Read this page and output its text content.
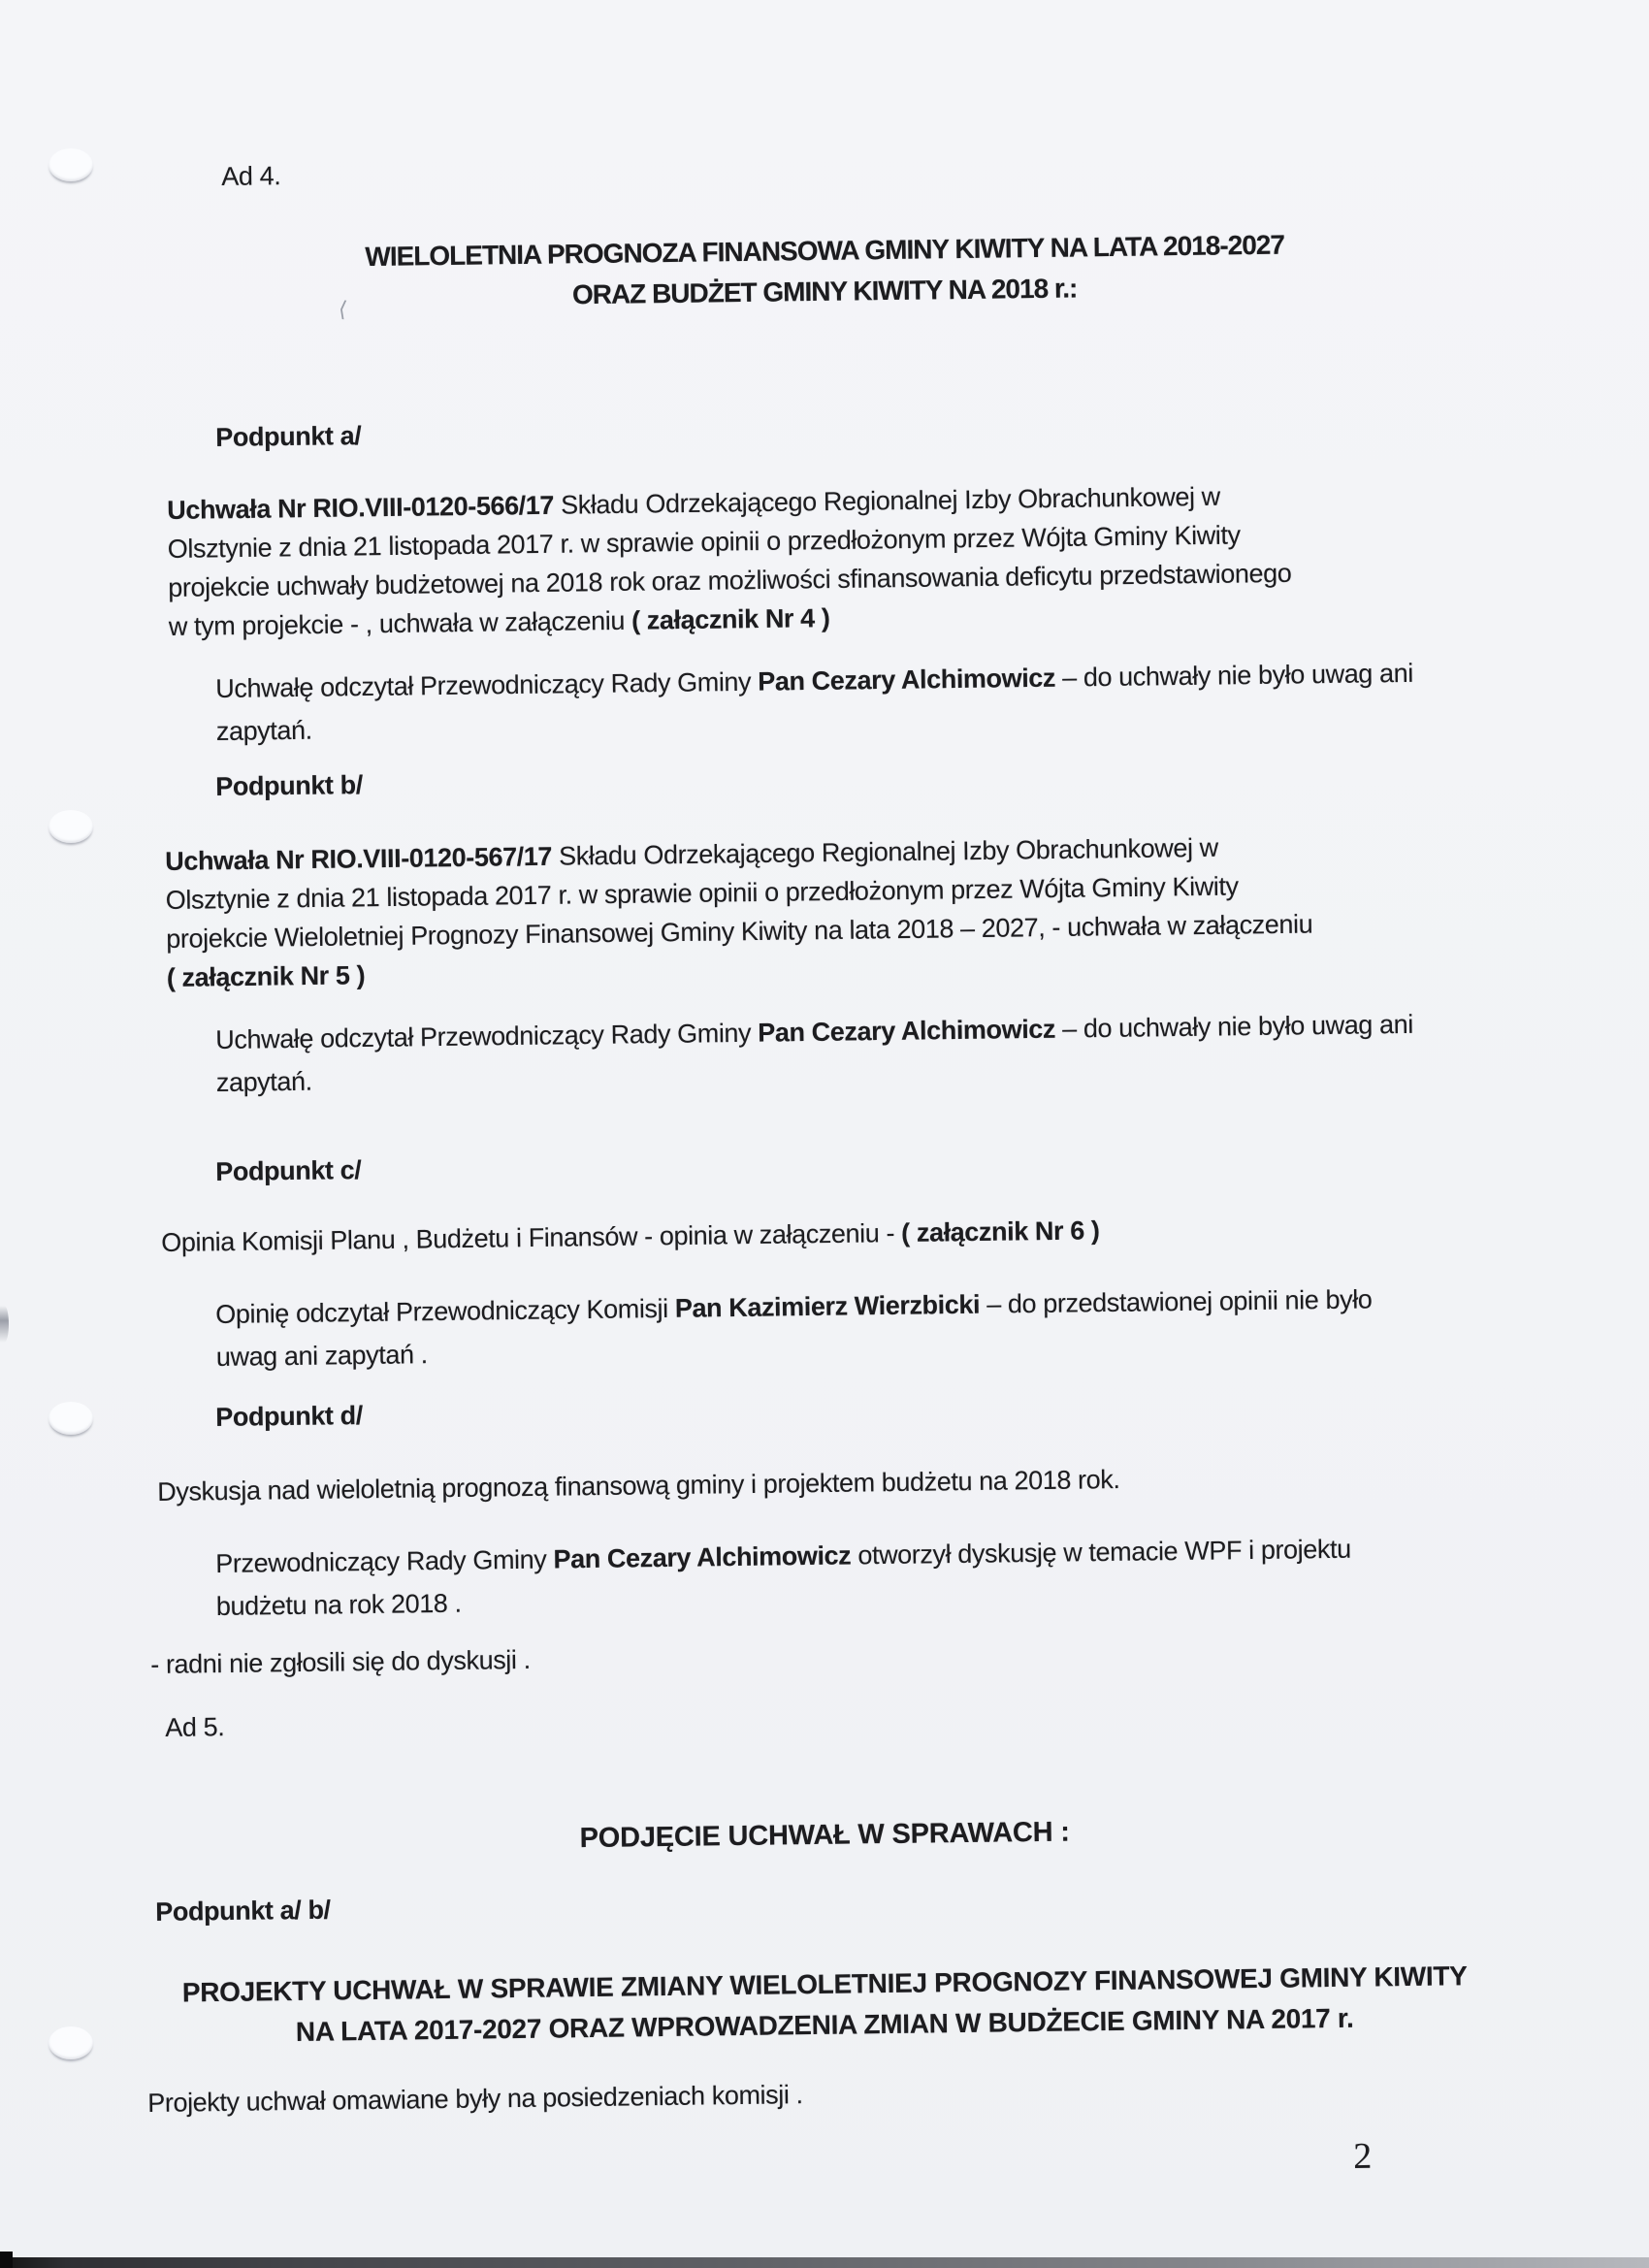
⟨
Ad 4.
WIELOLETNIA PROGNOZA FINANSOWA GMINY KIWITY NA LATA 2018-2027
ORAZ BUDŻET GMINY KIWITY NA 2018 r.:
Podpunkt a/
Uchwała Nr RIO.VIII-0120-566/17 Składu Odrzekającego Regionalnej Izby Obrachunkowej w
Olsztynie z dnia 21 listopada 2017 r. w sprawie opinii o przedłożonym przez Wójta Gminy Kiwity
projekcie uchwały budżetowej na 2018 rok oraz możliwości sfinansowania deficytu przedstawionego
w tym projekcie - , uchwała w załączeniu ( załącznik Nr 4 )
Uchwałę odczytał Przewodniczący Rady Gminy Pan Cezary Alchimowicz – do uchwały nie było uwag ani
zapytań.
Podpunkt b/
Uchwała Nr RIO.VIII-0120-567/17 Składu Odrzekającego Regionalnej Izby Obrachunkowej w
Olsztynie z dnia 21 listopada 2017 r. w sprawie opinii o przedłożonym przez Wójta Gminy Kiwity
projekcie Wieloletniej Prognozy Finansowej Gminy Kiwity na lata 2018 – 2027, - uchwała w załączeniu
( załącznik Nr 5 )
Uchwałę odczytał Przewodniczący Rady Gminy Pan Cezary Alchimowicz – do uchwały nie było uwag ani
zapytań.
Podpunkt c/
Opinia Komisji Planu , Budżetu i Finansów - opinia w załączeniu - ( załącznik Nr 6 )
Opinię odczytał Przewodniczący Komisji Pan Kazimierz Wierzbicki – do przedstawionej opinii nie było
uwag ani zapytań .
Podpunkt d/
Dyskusja nad wieloletnią prognozą finansową gminy i projektem budżetu na 2018 rok.
Przewodniczący Rady Gminy Pan Cezary Alchimowicz otworzył dyskusję w temacie WPF i projektu
budżetu na rok 2018 .
- radni nie zgłosili się do dyskusji .
Ad 5.
PODJĘCIE UCHWAŁ W SPRAWACH :
Podpunkt a/ b/
PROJEKTY UCHWAŁ W SPRAWIE ZMIANY WIELOLETNIEJ PROGNOZY FINANSOWEJ GMINY KIWITY
NA LATA 2017-2027 ORAZ WPROWADZENIA ZMIAN W BUDŻECIE GMINY NA 2017 r.
Projekty uchwał omawiane były na posiedzeniach komisji .
2
